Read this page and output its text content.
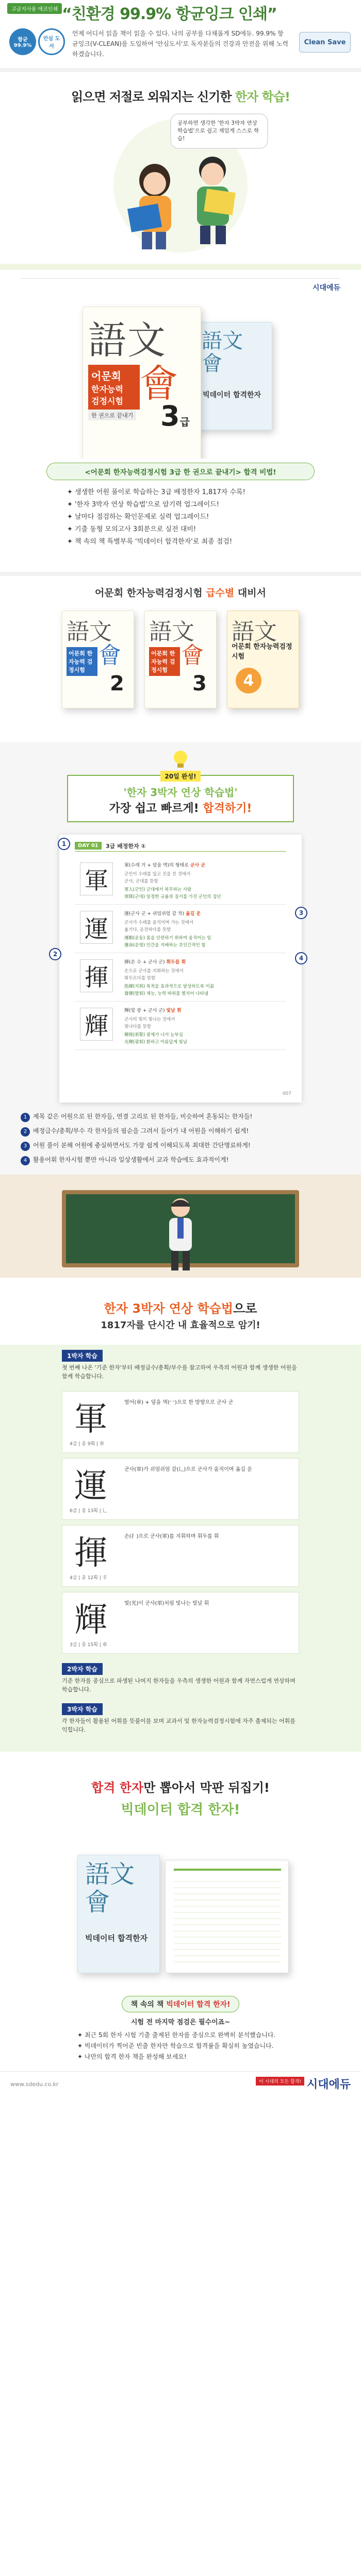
고급지사용 에코인쇄 “친환경 99.9% 항균잉크 인쇄”
항균 99.9%
안심 도서
언제 어디서 읽을 책이 읽을 수 있다. 나의 공부를 다채롭게 SD에듀. 99.9% 항균잉크(V-CLEAN)를 도입하여 '안심도서'로 독자분들의 건강과 안전을 위해 노력하겠습니다.
Clean Save
읽으면 저절로 외워지는 신기한 한자 학습!
공부하면 생각한 '한자 3박자 연상 학습법'으로 쉽고 재밌게 스스로 학습!
시대에듀
語文
會
빅데이터 합격한자
語文
會
어문회
한자능력
검정시험
한 권으로 끝내기 3급
<어문회 한자능력검정시험 3급 한 권으로 끝내기> 합격 비법!
✦ 생생한 어원 풀이로 학습하는 3급 배정한자 1,817자 수록!
✦ '한자 3박자 연상 학습법'으로 암기력 업그레이드!
✦ 날마다 점검하는 확인문제로 실력 업그레이드!
✦ 기출 동형 모의고사 3회분으로 실전 대비!
✦ 책 속의 책 특별부록 '빅데이터 합격한자'로 최종 점검!
어문회 한자능력검정시험 급수별 대비서
語文
會
어문회 한자능력 검정시험
2
語文
會
어문회 한자능력 검정시험
3
語文
어문회 한자능력검정시험
4
20일 완성!
'한자 3박자 연상 학습법'
가장 쉽고 빠르게! 합격하기!
DAY 01	3급 배정한자 ①
軍
軍(수레 거 + 덮을 멱)의 형태로 군사 군
군인이 수레를 덮고 진을 친 것에서
군사, 군대를 뜻함
軍人(군인) 군대에서 복무하는 사람
軍隊(군대) 일정한 규율과 질서를 가진 군인의 집단
運
運(군사 군 + 쉬엄쉬엄 갈 착) 옮길 운
군사가 수레를 움직이며 가는 것에서
옮기다, 운전하다를 뜻함
運動(운동) 몸을 단련하기 위하여 움직이는 일
運命(운명) 인간을 지배하는 초인간적인 힘
揮
揮(손 수 + 군사 군) 휘두를 휘
손으로 군사를 지휘하는 것에서
휘두르다를 뜻함
指揮(지휘) 목적을 효과적으로 달성하도록 이끎
發揮(발휘) 재능, 능력 따위를 떨치어 나타냄
輝
輝(빛 광 + 군사 군) 빛날 휘
군사의 빛이 빛나는 것에서
빛나다를 뜻함
輝煌(휘황) 광채가 나서 눈부심
光輝(광휘) 환하고 아름답게 빛남
007
1
2
3
4
1 제목 같은 어원으로 된 한자들, 연결 고리로 된 한자들, 비슷하여 혼동되는 한자들!
2 배정급수/총획/부수 각 한자들의 필순을 그려서 들어가 내 어원을 이해하기 쉽게!
3 어원 풀이 분해 어원에 충실하면서도 가장 쉽게 이해되도록 최대한 간단명료하게!
4 활용어휘 한자시험 뿐만 아니라 일상생활에서 교과 학습에도 효과적이게!
한자 3박자 연상 학습법으로
1817자를 단시간 내 효율적으로 암기!
1박자 학습
첫 번째 나온 '기준 한자'부터 배정급수/총획/부수를 참고하여 우측의 어원과 함께 생생한 어원을 함께 학습합니다.
軍
4급 | 총 9획 | 車
벌어(車) + 덮을 멱(冖)으로 한 방향으로 군사 군
運
6급 | 총 13획 | 辶
군사(軍)가 쉬엄쉬엄 갈(辶)으로 군사가 움직이며 옮길 운
揮
4급 | 총 12획 | 手
손(扌)으로 군사(軍)를 지휘하며 휘두를 휘
輝
3급 | 총 15획 | 車
빛(光)이 군사(軍)처럼 빛나는 빛날 휘
2박자 학습
기준 한자를 중심으로 파생된 나머지 한자들을 우측의 생생한 어원과 함께 자연스럽게 연상하며 학습합니다.
3박자 학습
각 한자들이 활용된 어휘를 뜻풀이를 보며 교과서 및 한자능력검정시험에 자주 출제되는 어휘를 익힙니다.
합격 한자만 뽑아서 막판 뒤집기!
빅데이터 합격 한자!
語文
會
빅데이터 합격한자
책 속의 책 빅데이터 합격 한자!
시험 전 마지막 점검은 필수이죠~
✦ 최근 5회 한자 시험 기출 출제된 한자를 중심으로 완벽히 분석했습니다.
✦ 빅데이터가 찍어준 빈출 한자만 학습으로 합격률을 확실히 높였습니다.
✦ 나만의 합격 한자 책을 완성해 보세요!
www.sdedu.co.kr	이 시대의 모든 합격! 시대에듀
